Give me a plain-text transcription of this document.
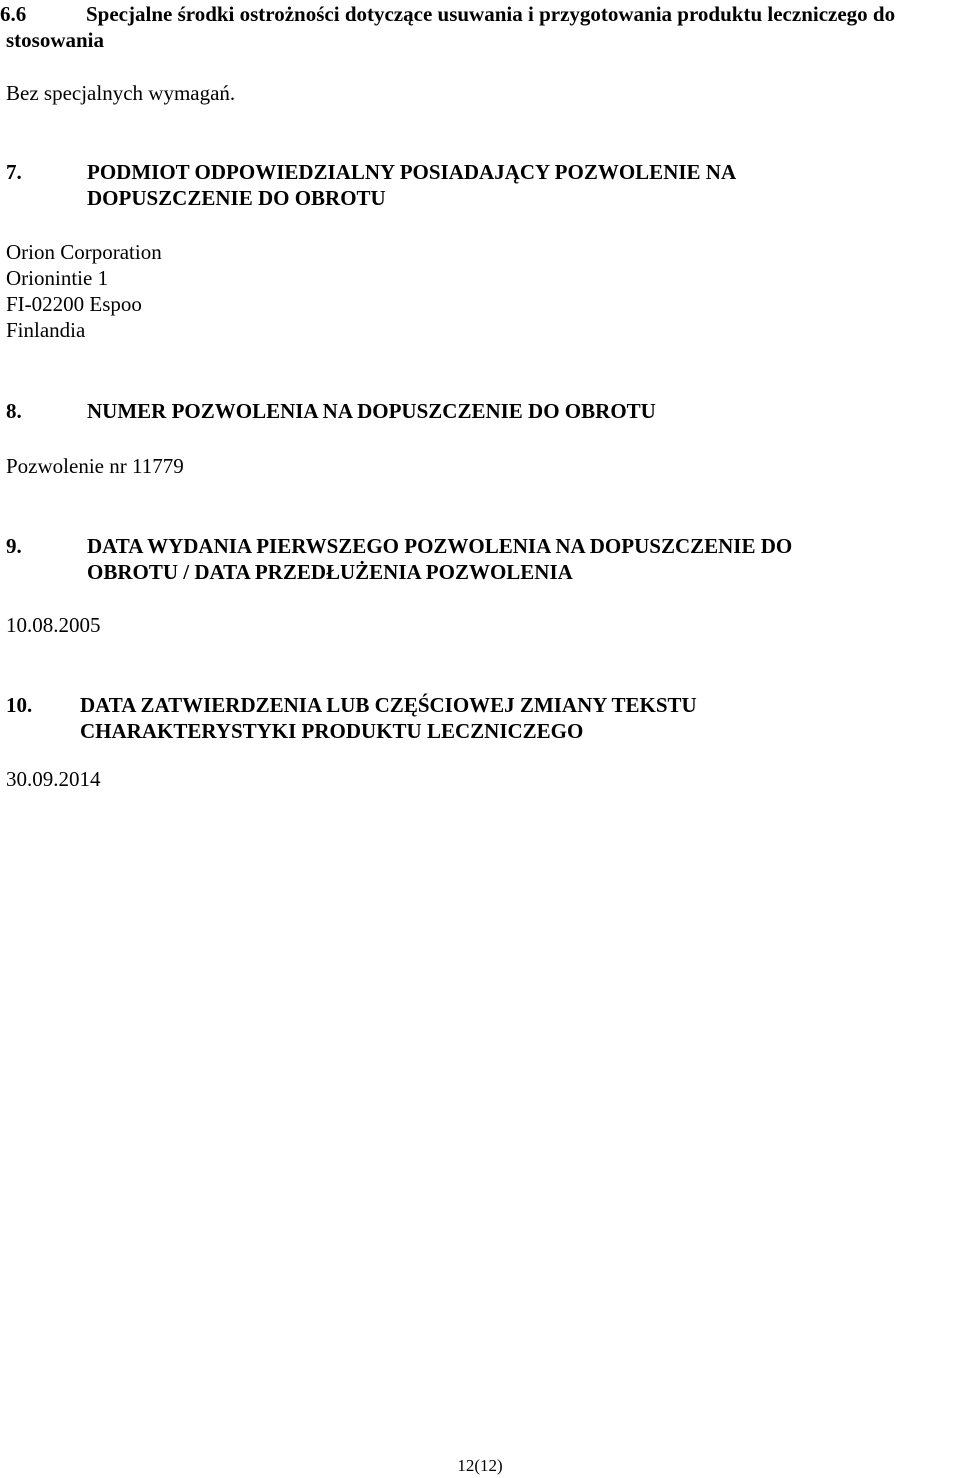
6.6	Specjalne środki ostrożności dotyczące usuwania i przygotowania produktu leczniczego do stosowania
Bez specjalnych wymagań.
7.	PODMIOT ODPOWIEDZIALNY POSIADAJĄCY POZWOLENIE NA DOPUSZCZENIE DO OBROTU
Orion Corporation
Orionintie 1
FI-02200 Espoo
Finlandia
8.	NUMER POZWOLENIA NA DOPUSZCZENIE DO OBROTU
Pozwolenie nr 11779
9.	DATA WYDANIA PIERWSZEGO POZWOLENIA NA DOPUSZCZENIE DO
OBROTU / DATA PRZEDŁUŻENIA POZWOLENIA
10.08.2005
10.	DATA ZATWIERDZENIA LUB CZĘŚCIOWEJ ZMIANY TEKSTU
CHARAKTERYSTYKI PRODUKTU LECZNICZEGO
30.09.2014
12(12)
